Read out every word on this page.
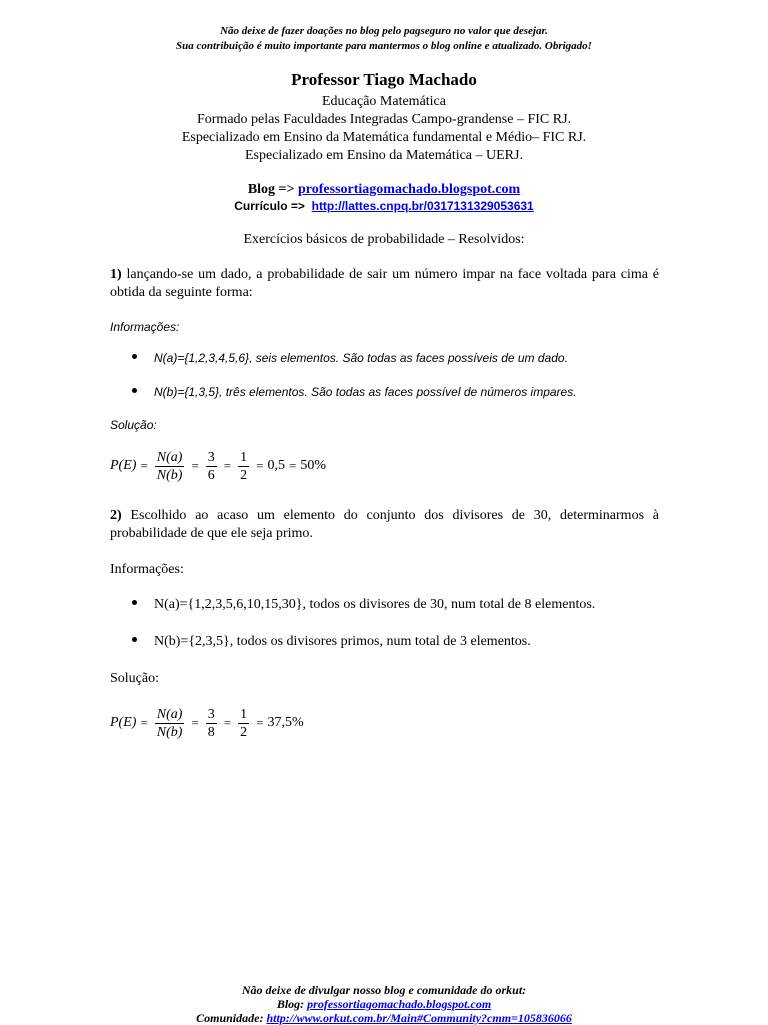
Não deixe de fazer doações no blog pelo pagseguro no valor que desejar.
Sua contribuição é muito importante para mantermos o blog online e atualizado. Obrigado!
Professor Tiago Machado
Educação Matemática
Formado pelas Faculdades Integradas Campo-grandense – FIC RJ.
Especializado em Ensino da Matemática fundamental e Médio– FIC RJ.
Especializado em Ensino da Matemática – UERJ.
Blog => professortiagomachado.blogspot.com
Currículo => http://lattes.cnpq.br/0317131329053631
Exercícios básicos de probabilidade – Resolvidos:
1) lançando-se um dado, a probabilidade de sair um número impar na face voltada para cima é obtida da seguinte forma:
Informações:
N(a)={1,2,3,4,5,6}, seis elementos. São todas as faces possíveis de um dado.
N(b)={1,3,5}, três elementos. São todas as faces possível de números impares.
Solução:
$P(E) = \frac{N(a)}{N(b)} = \frac{3}{6} = \frac{1}{2} = 0,5 = 50\%$
2) Escolhido ao acaso um elemento do conjunto dos divisores de 30, determinarmos à probabilidade de que ele seja primo.
Informações:
N(a)={1,2,3,5,6,10,15,30}, todos os divisores de 30, num total de 8 elementos.
N(b)={2,3,5}, todos os divisores primos, num total de 3 elementos.
Solução:
$P(E) = \frac{N(a)}{N(b)} = \frac{3}{8} = \frac{1}{2} = 37,5\%$
Não deixe de divulgar nosso blog e comunidade do orkut:
Blog: professortiagomachado.blogspot.com
Comunidade: http://www.orkut.com.br/Main#Community?cmm=105836066
